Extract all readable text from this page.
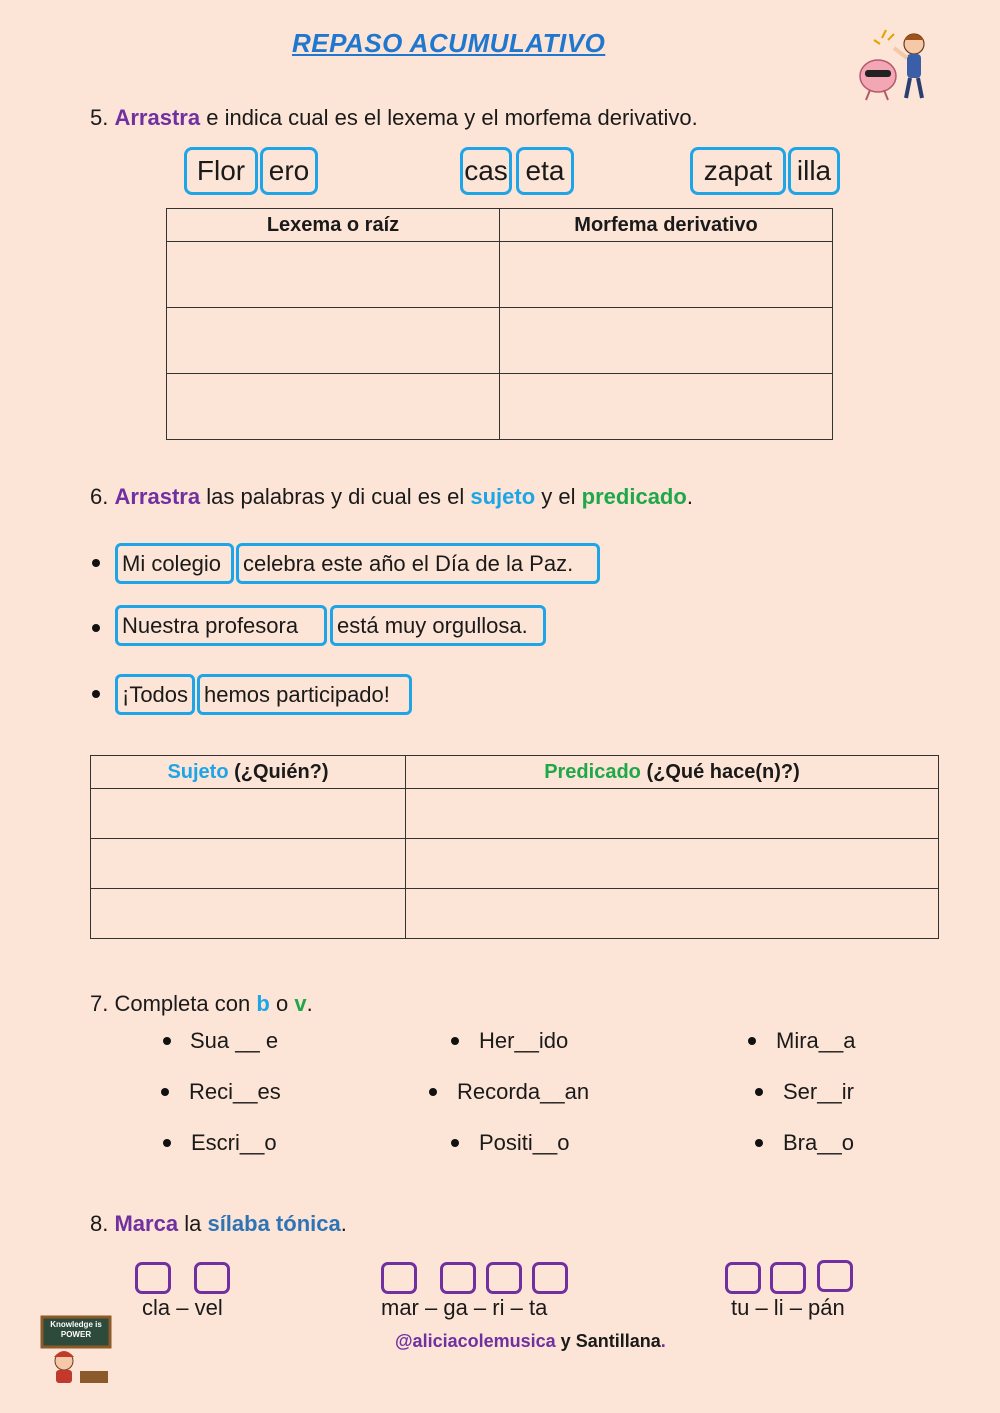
REPASO ACUMULATIVO
5. Arrastra e indica cual es el lexema y el morfema derivativo.
Flor ero	cas eta	zapat illa
Lexema o raíz	Morfema derivativo

6. Arrastra las palabras y di cual es el sujeto y el predicado.
Mi colegio celebra este año el Día de la Paz.
Nuestra profesora está muy orgullosa.
¡Todos hemos participado!
Sujeto (¿Quién?)	Predicado (¿Qué hace(n)?)

7. Completa con b o v.
Sua __ e	Her__ido	Mira__a
Reci__es	Recorda__an	Ser__ir
Escri__o	Positi__o	Bra__o
8. Marca la sílaba tónica.
cla – vel	mar – ga – ri – ta	tu – li – pán
Knowledge is POWER	@aliciacolemusica y Santillana.
